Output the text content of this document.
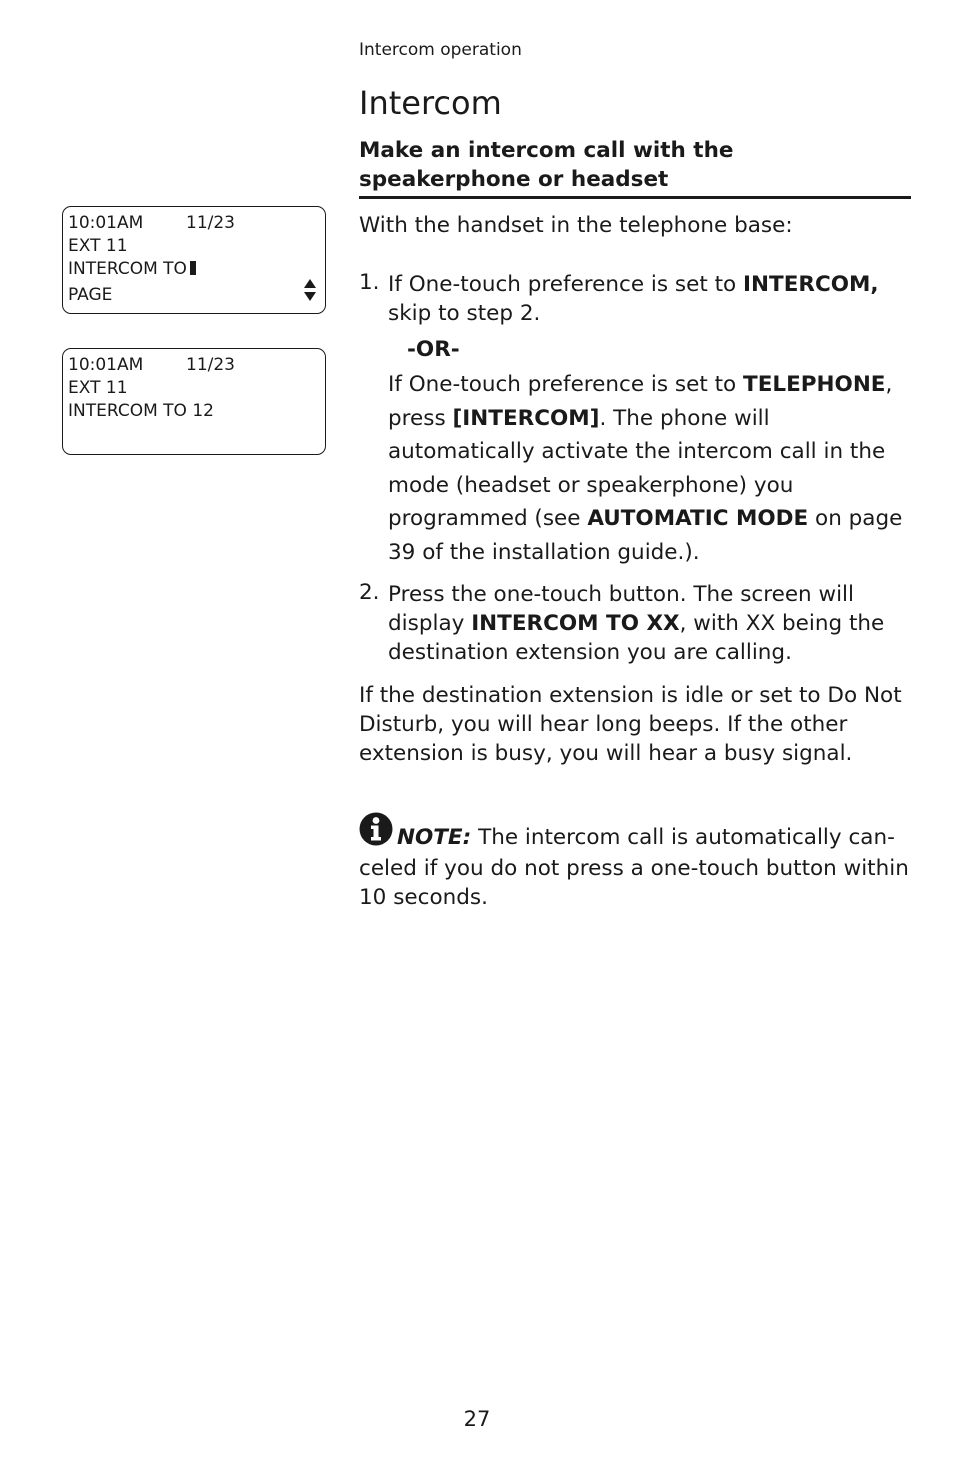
Intercom operation
Intercom
Make an intercom call with the speakerphone or headset
With the handset in the telephone base:
1. If One-touch preference is set to INTERCOM, skip to step 2.
-OR-
If One-touch preference is set to TELEPHONE, press [INTERCOM]. The phone will automatically activate the intercom call in the mode (headset or speakerphone) you programmed (see AUTOMATIC MODE on page 39 of the installation guide.).
2. Press the one-touch button. The screen will display INTERCOM TO XX, with XX being the destination extension you are calling.
If the destination extension is idle or set to Do Not Disturb, you will hear long beeps. If the other extension is busy, you will hear a busy signal.
NOTE: The intercom call is automatically canceled if you do not press a one-touch button within 10 seconds.
10:01AM	11/23
EXT 11
INTERCOM TO
PAGE
10:01AM	11/23
EXT 11
INTERCOM TO 12
27
